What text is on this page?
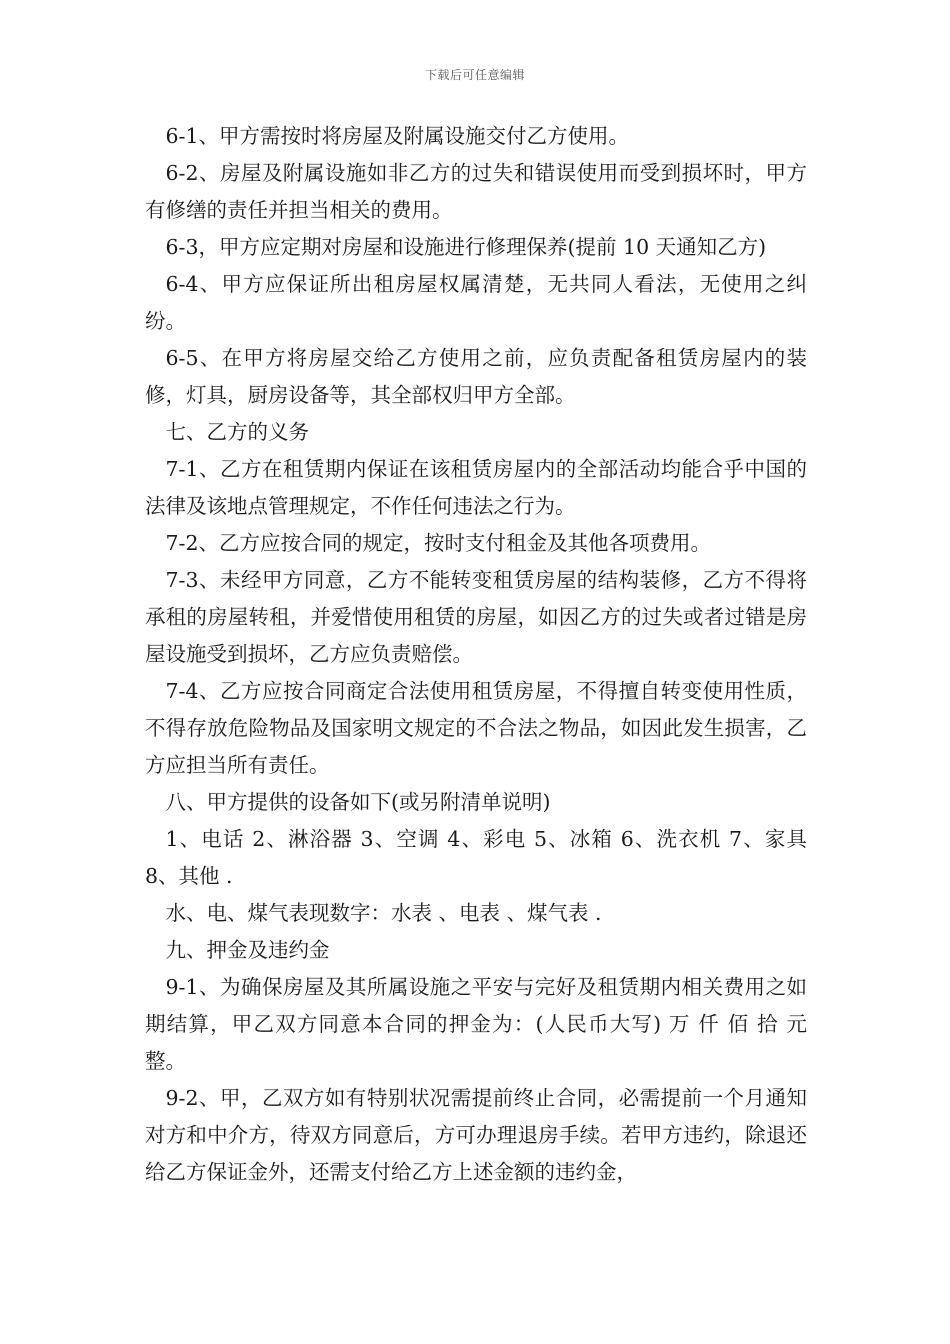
下载后可任意编辑

6-1、甲方需按时将房屋及附属设施交付乙方使用。

6-2、房屋及附属设施如非乙方的过失和错误使用而受到损坏时，甲方有修缮的责任并担当相关的费用。

6-3，甲方应定期对房屋和设施进行修理保养(提前 10 天通知乙方)

6-4、甲方应保证所出租房屋权属清楚，无共同人看法，无使用之纠纷。

6-5、在甲方将房屋交给乙方使用之前，应负责配备租赁房屋内的装修，灯具，厨房设备等，其全部权归甲方全部。

七、乙方的义务

7-1、乙方在租赁期内保证在该租赁房屋内的全部活动均能合乎中国的法律及该地点管理规定，不作任何违法之行为。

7-2、乙方应按合同的规定，按时支付租金及其他各项费用。

7-3、未经甲方同意，乙方不能转变租赁房屋的结构装修，乙方不得将承租的房屋转租，并爱惜使用租赁的房屋，如因乙方的过失或者过错是房屋设施受到损坏，乙方应负责赔偿。

7-4、乙方应按合同商定合法使用租赁房屋，不得擅自转变使用性质，不得存放危险物品及国家明文规定的不合法之物品，如因此发生损害，乙方应担当所有责任。

八、甲方提供的设备如下(或另附清单说明)

1、电话 2、淋浴器 3、空调 4、彩电 5、冰箱 6、洗衣机 7、家具 8、其他 .

水、电、煤气表现数字：水表 、电表 、煤气表 .

九、押金及违约金

9-1、为确保房屋及其所属设施之平安与完好及租赁期内相关费用之如期结算，甲乙双方同意本合同的押金为：(人民币大写) 万 仟 佰 拾 元整。

9-2、甲，乙双方如有特别状况需提前终止合同，必需提前一个月通知对方和中介方，待双方同意后，方可办理退房手续。若甲方违约，除退还给乙方保证金外，还需支付给乙方上述金额的违约金，
